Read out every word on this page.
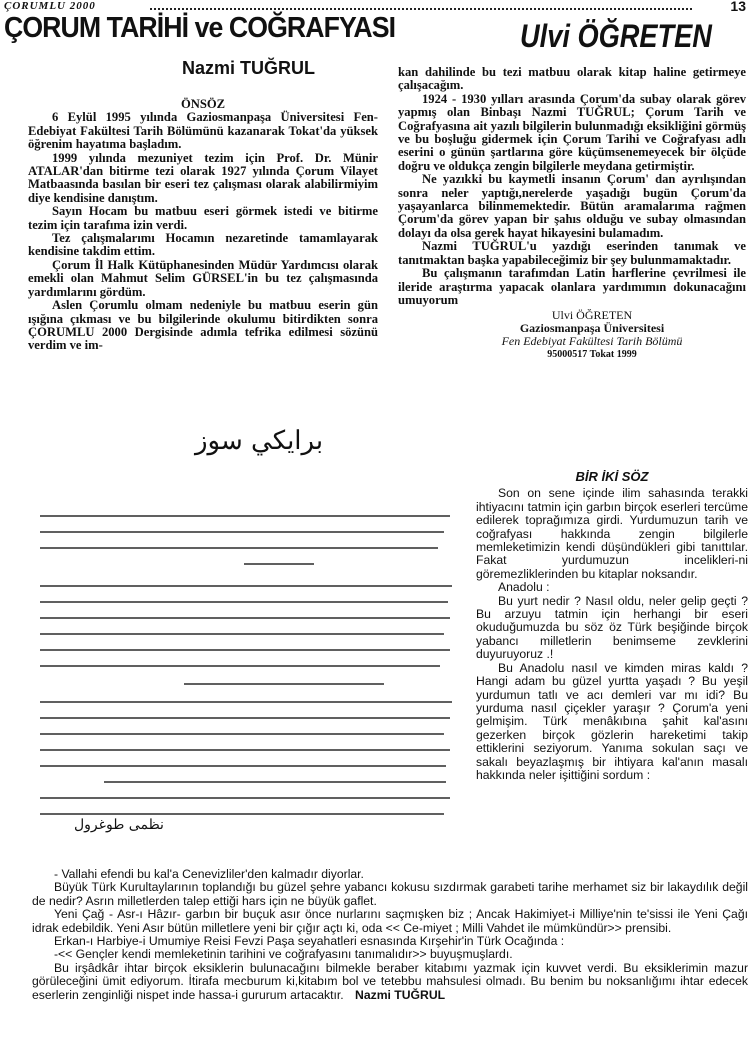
ÇORUMLU 2000	13
ÇORUM TARİHİ ve COĞRAFYASI	Ulvi ÖĞRETEN
Nazmi TUĞRUL

ÖNSÖZ

6 Eylül 1995 yılında Gaziosmanpaşa Üniversitesi Fen-Edebiyat Fakültesi Tarih Bölümünü kazanarak Tokat'da yüksek öğrenim hayatıma başladım.

1999 yılında mezuniyet tezim için Prof. Dr. Münir ATALAR'dan bitirme tezi olarak 1927 yılında Çorum Vilayet Matbaasında basılan bir eseri tez çalışması olarak alabilirmiyim diye kendisine danıştım.

Sayın Hocam bu matbuu eseri görmek istedi ve bitirme tezim için tarafıma izin verdi.

Tez çalışmalarımı Hocamın nezaretinde tamamlayarak kendisine takdim ettim.

Çorum İl Halk Kütüphanesinden Müdür Yardımcısı olarak emekli olan Mahmut Selim GÜRSEL'in bu tez çalışmasında yardımlarını gördüm.

Aslen Çorumlu olmam nedeniyle bu matbuu eserin gün ışığına çıkması ve bu bilgilerinde okulumu bitirdikten sonra ÇORUMLU 2000 Dergisinde adımla tefrika edilmesi sözünü verdim ve im-

kan dahilinde bu tezi matbuu olarak kitap haline getirmeye çalışacağım.

1924 - 1930 yılları arasında Çorum'da subay olarak görev yapmış olan Binbaşı Nazmi TUĞRUL; Çorum Tarih ve Coğrafyasına ait yazılı bilgilerin bulunmadığı eksikliğini görmüş ve bu boşluğu gidermek için Çorum Tarihi ve Coğrafyası adlı eserini o günün şartlarına göre küçümsenemeyecek bir ölçüde doğru ve oldukça zengin bilgilerle meydana getirmiştir.

Ne yazıkki bu kaymetli insanın Çorum' dan ayrılışından sonra neler yaptığı,nerelerde yaşadığı bugün Çorum'da yaşayanlarca bilinmemektedir. Bütün aramalarıma rağmen Çorum'da görev yapan bir şahıs olduğu ve subay olmasından dolayı da olsa gerek hayat hikayesini bulamadım.

Nazmi TUĞRUL'u yazdığı eserinden tanımak ve tanıtmaktan başka yapabileceğimiz bir şey bulunmamaktadır.

Bu çalışmanın tarafımdan Latin harflerine çevrilmesi ile ileride araştırma yapacak olanlara yardımımın dokunacağını umuyorum

Ulvi ÖĞRETEN
Gaziosmanpaşa Üniversitesi
Fen Edebiyat Fakültesi Tarih Bölümü
95000517 Tokat 1999
برايكي سوز
نظمى طوغرول

BİR İKİ SÖZ

Son on sene içinde ilim sahasında terakki ihtiyacını tatmin için garbın birçok eserleri tercüme edilerek toprağımıza girdi. Yurdumuzun tarih ve coğrafyası hakkında zengin bilgilerle memleketimizin kendi düşündükleri gibi tanıttılar. Fakat yurdumuzun incelikleri-ni göremezliklerinden bu kitaplar noksandır.

Anadolu :

Bu yurt nedir ? Nasıl oldu, neler gelip geçti ? Bu arzuyu tatmin için herhangi bir eseri okuduğumuzda bu söz öz Türk beşiğinde birçok yabancı milletlerin benimseme zevklerini duyuruyoruz .!

Bu Anadolu nasıl ve kimden miras kaldı ? Hangi adam bu güzel yurtta yaşadı ? Bu yeşil yurdumun tatlı ve acı demleri var mı idi? Bu yurduma nasıl çiçekler yaraşır ? Çorum'a yeni gelmişim. Türk menâkıbına şahit kal'asını gezerken birçok gözlerin hareketimi takip ettiklerini seziyorum. Yanıma sokulan saçı ve sakalı beyazlaşmış bir ihtiyara kal'anın masalı hakkında neler işittiğini sordum :

- Vallahi efendi bu kal'a Cenevizliler'den kalmadır diyorlar.

Büyük Türk Kurultaylarının toplandığı bu güzel şehre yabancı kokusu sızdırmak garabeti tarihe merhamet siz bir lakaydılık değil de nedir? Asrın milletlerden talep ettiği hars için ne büyük gaflet.

Yeni Çağ - Asr-ı Hâzır- garbın bir buçuk asır önce nurlarını saçmışken biz ; Ancak Hakimiyet-i Milliye'nin te'sissi ile Yeni Çağı idrak edebildik. Yeni Asır bütün milletlere yeni bir çığır açtı ki, oda << Ce-miyet ; Milli Vahdet ile mümkündür>> prensibi.

Erkan-ı Harbiye-i Umumiye Reisi Fevzi Paşa seyahatleri esnasında Kırşehir'in Türk Ocağında :

-<< Gençler kendi memleketinin tarihini ve coğrafyasını tanımalıdır>> buyuşmuşlardı.

Bu irşâdkâr ihtar birçok eksiklerin bulunacağını bilmekle beraber kitabımı yazmak için kuvvet verdi. Bu eksiklerimin mazur görüleceğini ümit ediyorum. İtirafa mecburum ki,kitabım bol ve tetebbu mahsulesi olmadı. Bu benim bu noksanlığımı ihtar edecek eserlerin zenginliği nispet inde hassa-i gururum artacaktır. Nazmi TUĞRUL
